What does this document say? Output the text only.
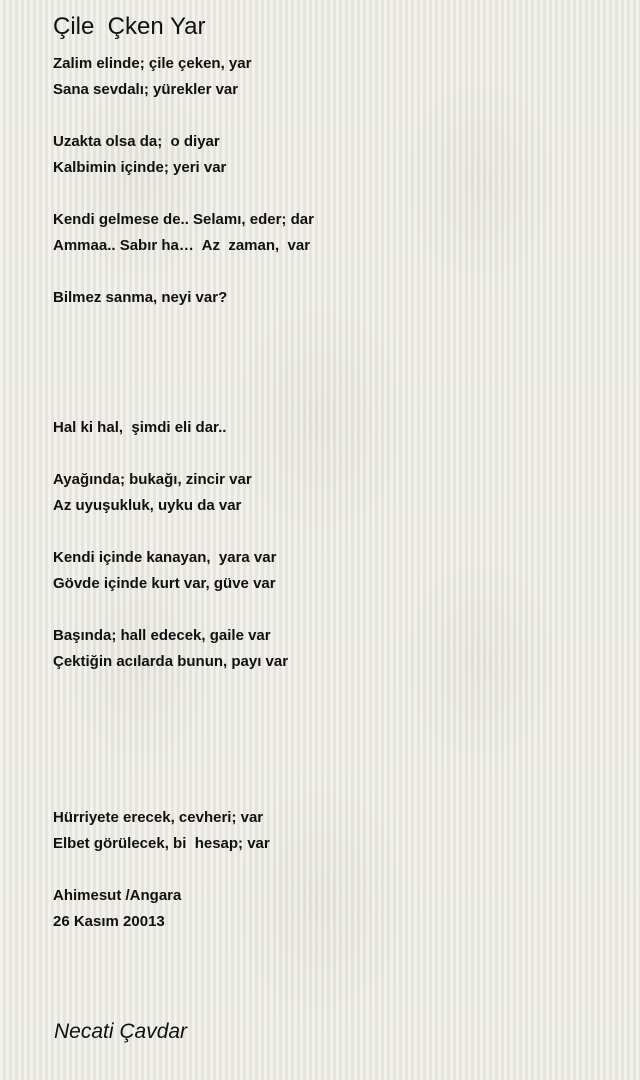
Çile  Çken Yar
Zalim elinde; çile çeken, yar
Sana sevdalı; yürekler var
Uzakta olsa da;  o diyar
Kalbimin içinde; yeri var
Kendi gelmese de.. Selamı, eder; dar
Ammaa.. Sabır ha…  Az  zaman,  var
Bilmez sanma, neyi var?
Hal ki hal,  şimdi eli dar..
Ayağında; bukağı, zincir var
Az uyuşukluk, uyku da var
Kendi içinde kanayan,  yara var
Gövde içinde kurt var, güve var
Başında; hall edecek, gaile var
Çektiğin acılarda bunun, payı var
Hürriyete erecek, cevheri; var
Elbet görülecek, bi  hesap; var
Ahimesut /Angara
26 Kasım 20013
Necati Çavdar
